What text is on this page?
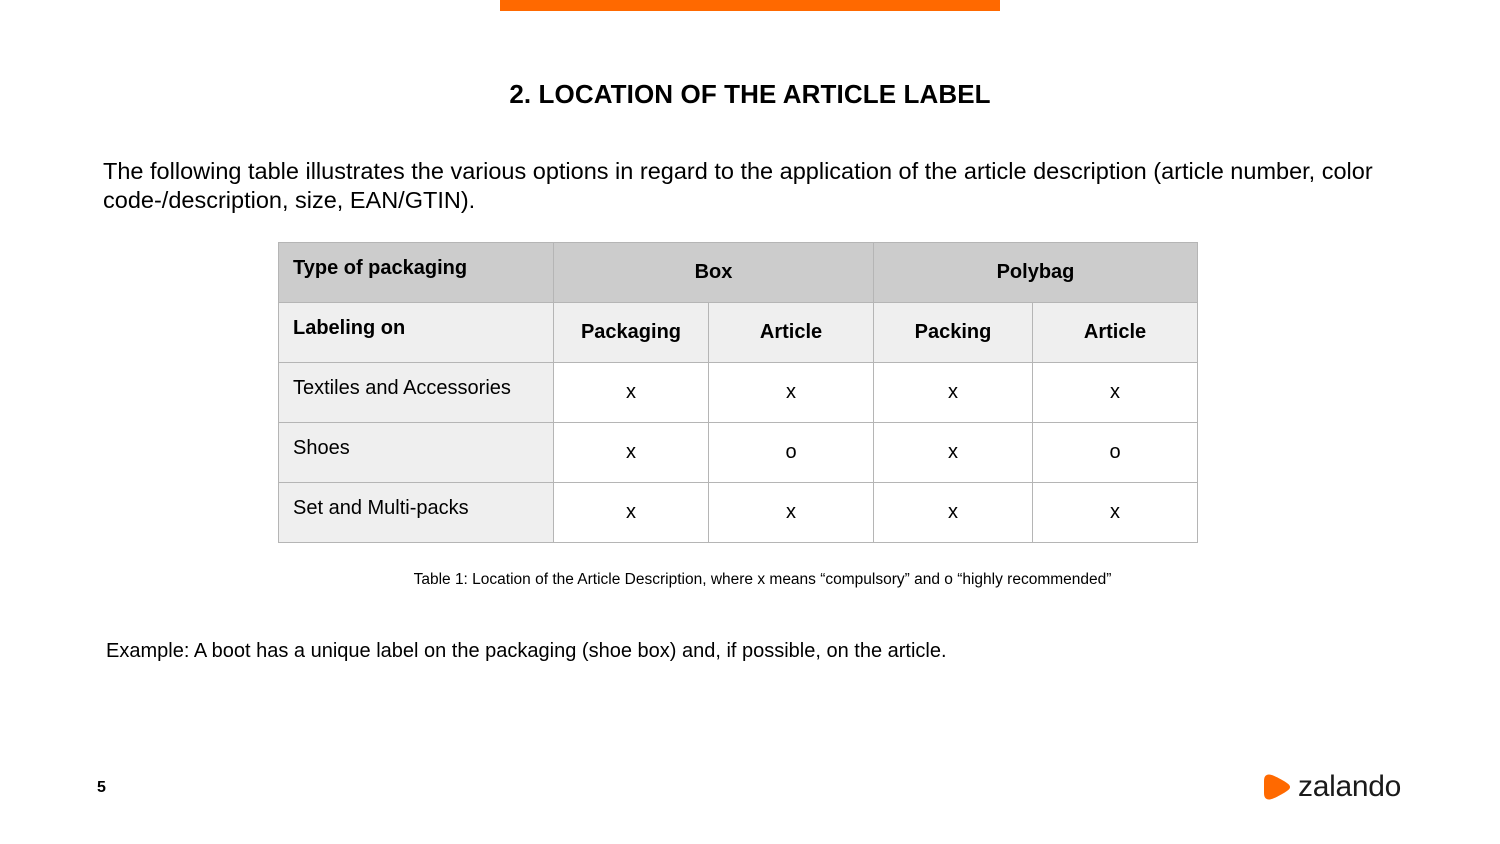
2. LOCATION OF THE ARTICLE LABEL
The following table illustrates the various options in regard to the application of the article description (article number, color code-/description, size, EAN/GTIN).
Type of packaging	Box		Polybag	
Labeling on	Packaging	Article	Packing	Article
Textiles and Accessories	x	x	x	x
Shoes	x	o	x	o
Set and Multi-packs	x	x	x	x
Table 1: Location of the Article Description, where x means “compulsory” and o “highly recommended”
Example: A boot has a unique label on the packaging (shoe box) and, if possible, on the article.
5	zalando
